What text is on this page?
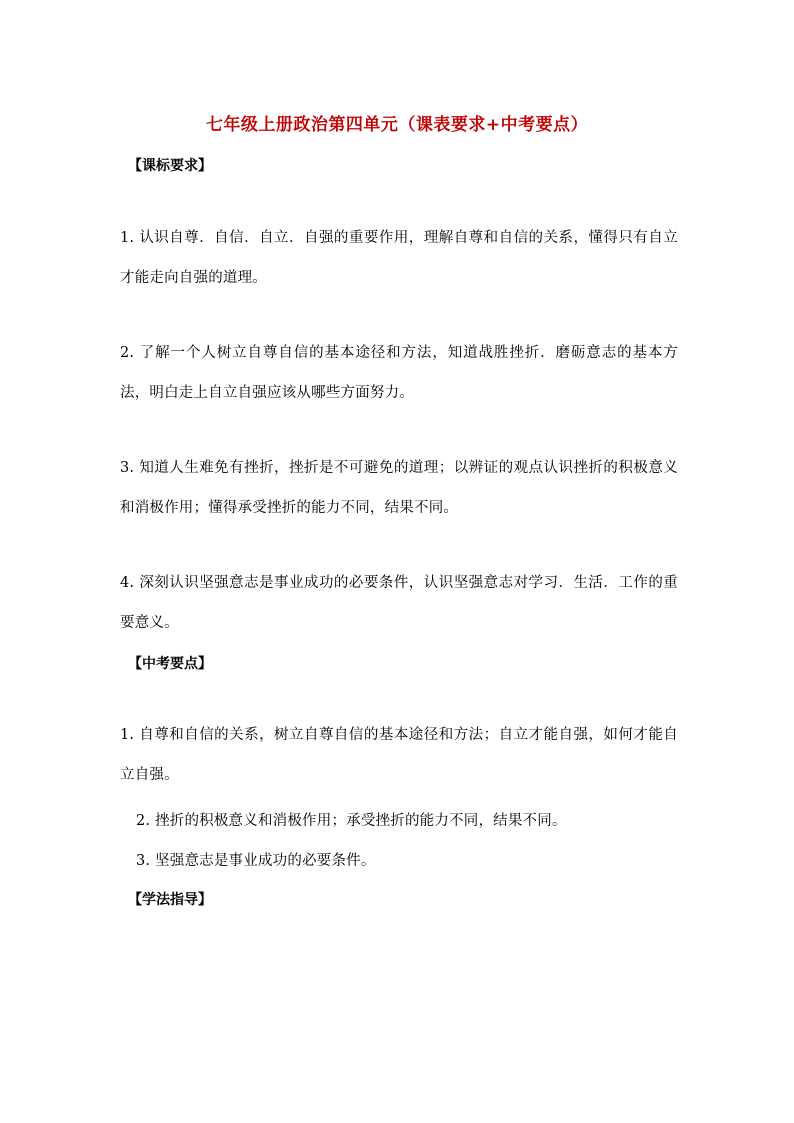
七年级上册政治第四单元（课表要求+中考要点）
【课标要求】
1. 认识自尊．自信．自立．自强的重要作用，理解自尊和自信的关系，懂得只有自立才能走向自强的道理。
2. 了解一个人树立自尊自信的基本途径和方法，知道战胜挫折．磨砺意志的基本方法，明白走上自立自强应该从哪些方面努力。
3. 知道人生难免有挫折，挫折是不可避免的道理；以辨证的观点认识挫折的积极意义和消极作用；懂得承受挫折的能力不同，结果不同。
4. 深刻认识坚强意志是事业成功的必要条件，认识坚强意志对学习．生活．工作的重要意义。
【中考要点】
1. 自尊和自信的关系，树立自尊自信的基本途径和方法；自立才能自强，如何才能自立自强。
2. 挫折的积极意义和消极作用；承受挫折的能力不同，结果不同。
3. 坚强意志是事业成功的必要条件。
【学法指导】
